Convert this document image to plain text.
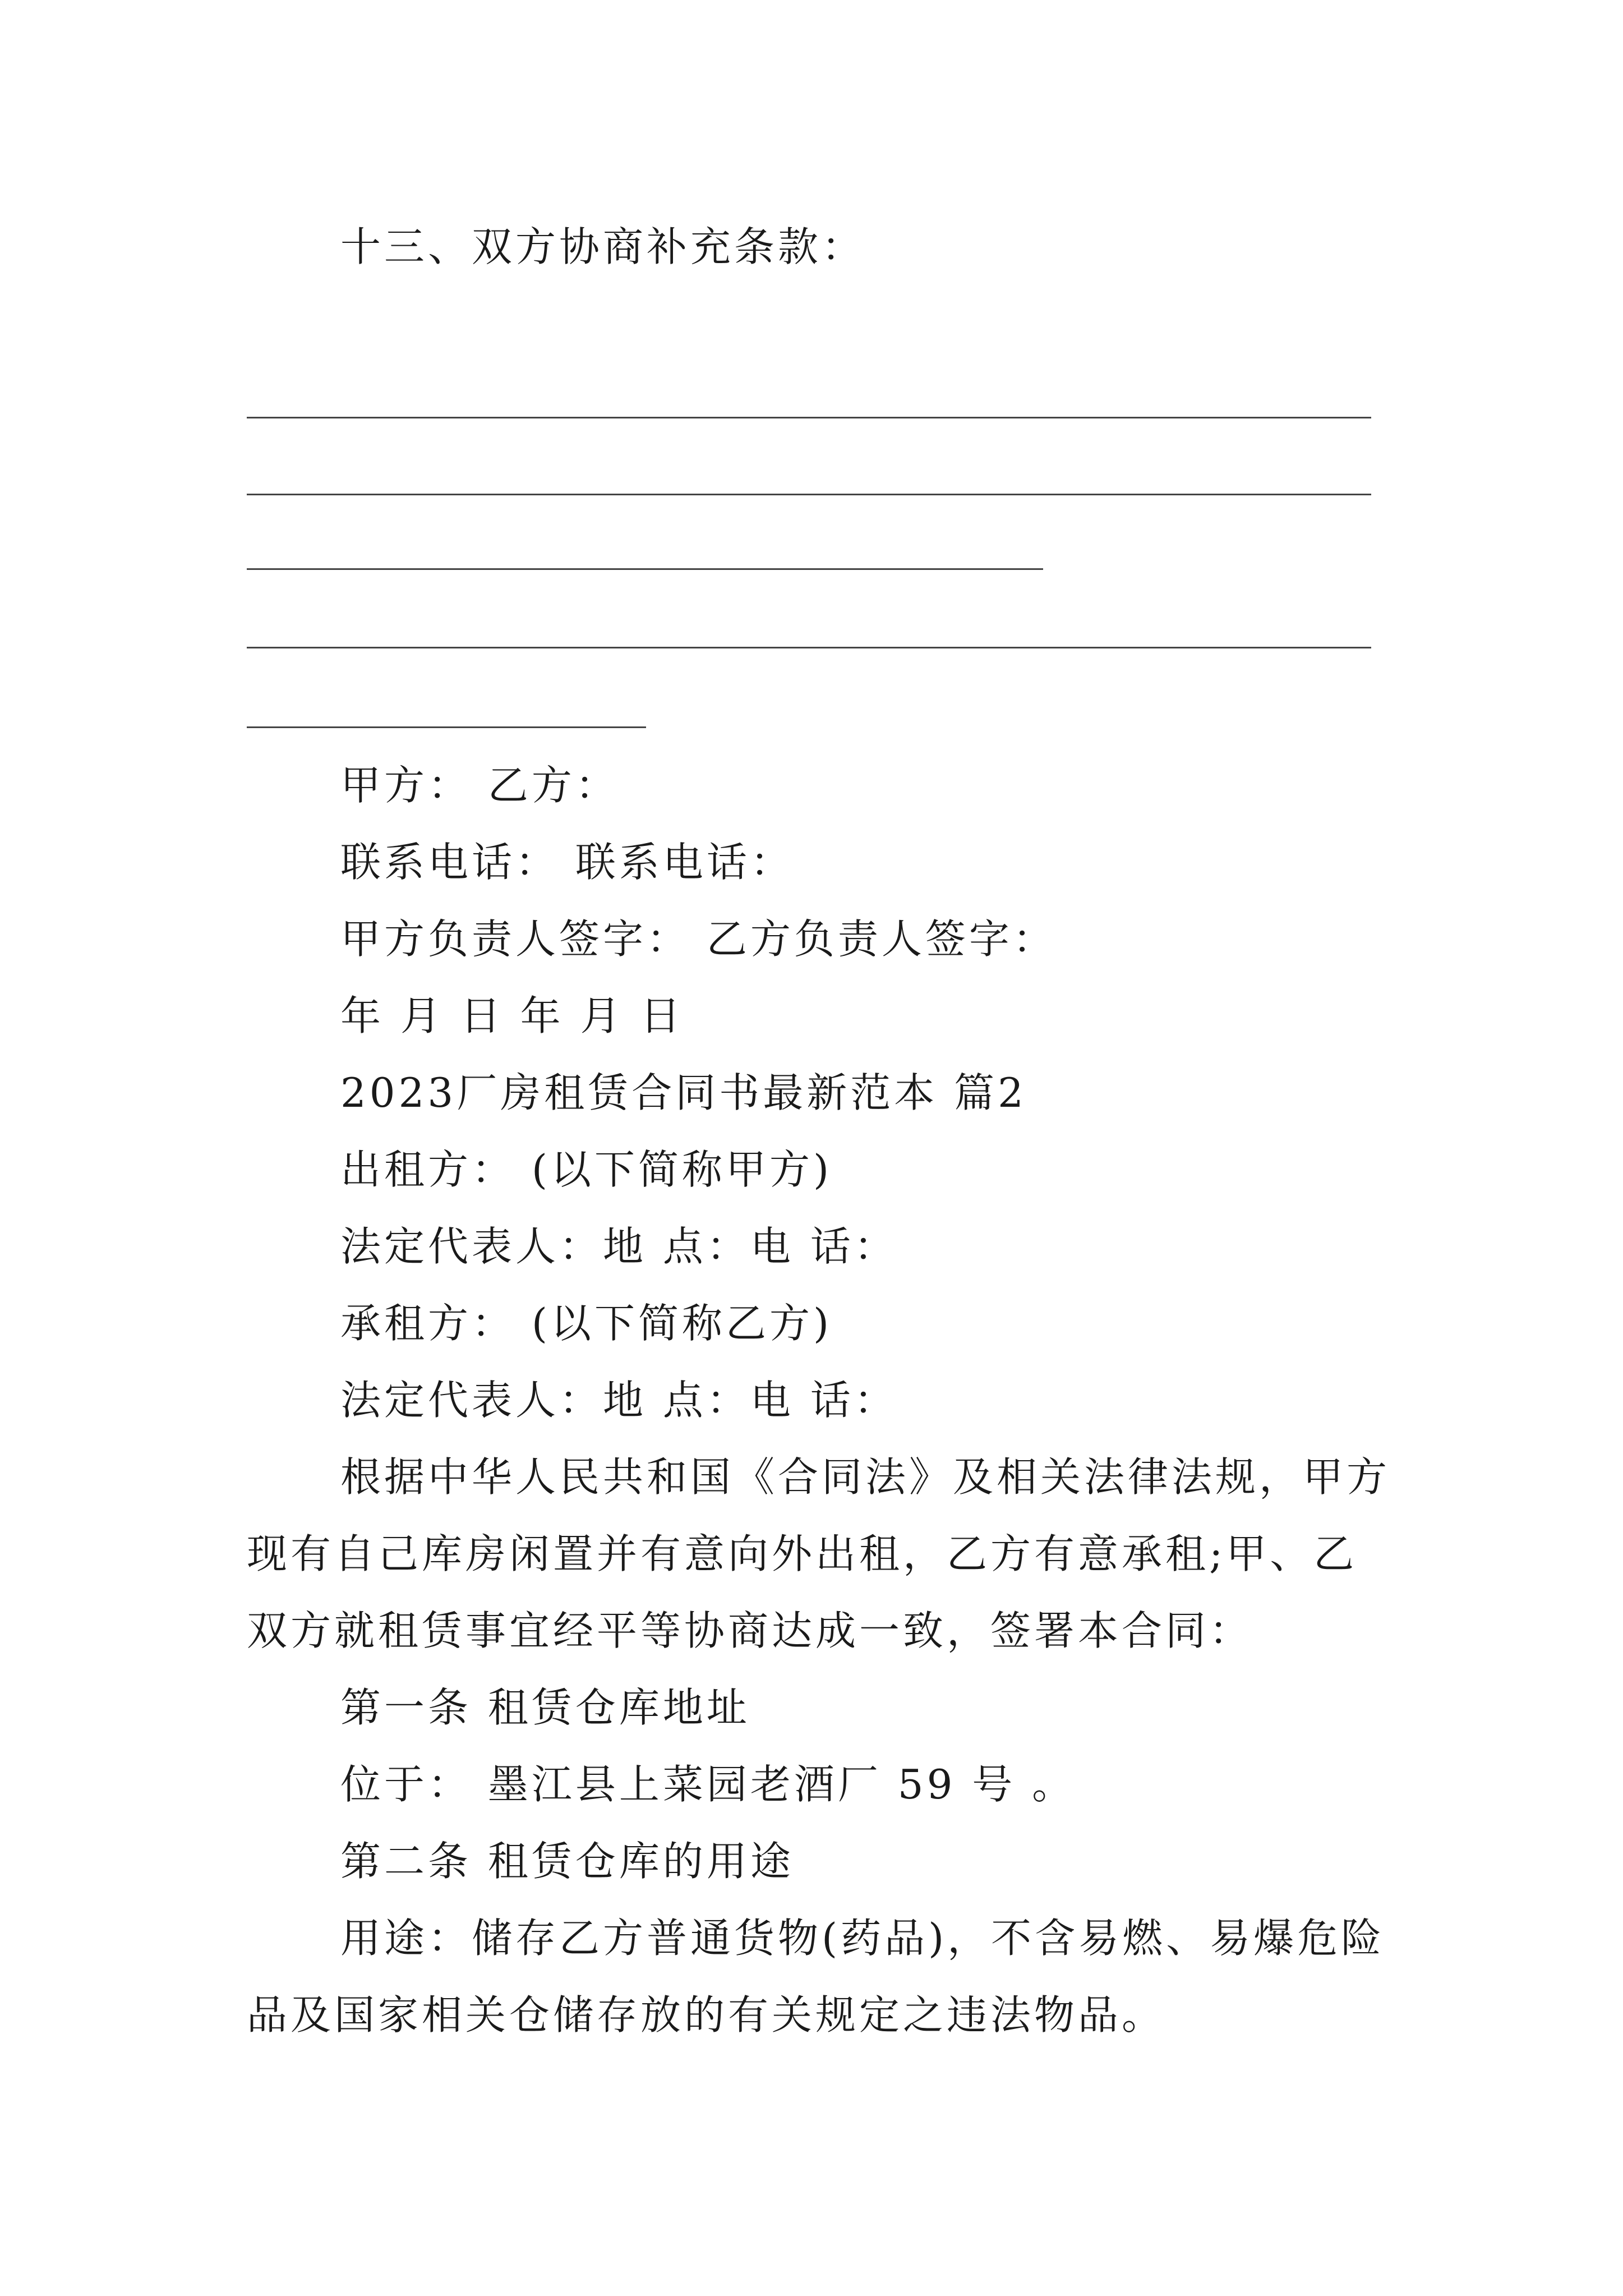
十三、双方协商补充条款：
甲方： 乙方：
联系电话： 联系电话：
甲方负责人签字： 乙方负责人签字：
年 月 日 年 月 日
2023厂房租赁合同书最新范本 篇2
出租方： (以下简称甲方)
法定代表人：地 点：电 话：
承租方： (以下简称乙方)
法定代表人：地 点：电 话：
根据中华人民共和国《合同法》及相关法律法规，甲方
现有自己库房闲置并有意向外出租，乙方有意承租;甲、乙
双方就租赁事宜经平等协商达成一致，签署本合同：
第一条 租赁仓库地址
位于： 墨江县上菜园老酒厂 59 号 。
第二条 租赁仓库的用途
用途：储存乙方普通货物(药品)，不含易燃、易爆危险
品及国家相关仓储存放的有关规定之违法物品。
